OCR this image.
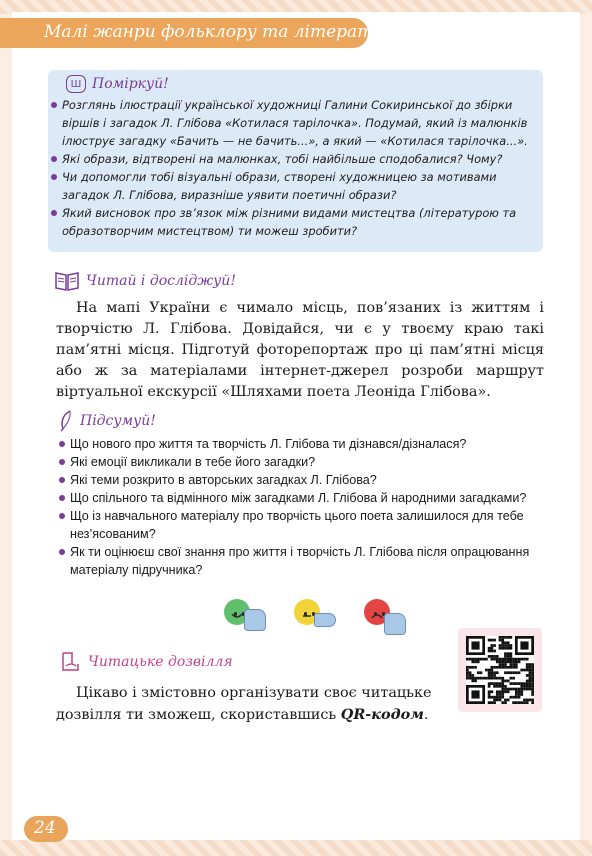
Малі жанри фольклору та літератури
Ш Поміркуй!
Розглянь ілюстрації української художниці Галини Сокиринської до збірки віршів і загадок Л. Глібова «Котилася тарілочка». Подумай, який із малюнків ілюструє загадку «Бачить — не бачить...», а який — «Котилася тарілочка...».
Які образи, відтворені на малюнках, тобі найбільше сподобалися? Чому?
Чи допомогли тобі візуальні образи, створені художницею за мотивами загадок Л. Глібова, виразніше уявити поетичні образи?
Який висновок про зв’язок між різними видами мистецтва (літературою та образотворчим мистецтвом) ти можеш зробити?
Читай і досліджуй!
На мапі України є чимало місць, пов’язаних із життям і творчістю Л. Глібова. Довідайся, чи є у твоєму краю такі пам’ятні місця. Підготуй фоторепортаж про ці пам’ятні місця або ж за матеріалами інтернет-джерел розроби маршрут віртуальної екскурсії «Шляхами поета Леоніда Глібова».
Підсумуй!
Що нового про життя та творчість Л. Глібова ти дізнався/дізналася?
Які емоції викликали в тебе його загадки?
Які теми розкрито в авторських загадках Л. Глібова?
Що спільного та відмінного між загадками Л. Глібова й народними загадками?
Що із навчального матеріалу про творчість цього поета залишилося для тебе нез’ясованим?
Як ти оцінюєш свої знання про життя і творчість Л. Глібова після опрацювання матеріалу підручника?
Читацьке дозвілля
Цікаво і змістовно організувати своє читацьке дозвілля ти зможеш, скориставшись QR-кодом.
24
